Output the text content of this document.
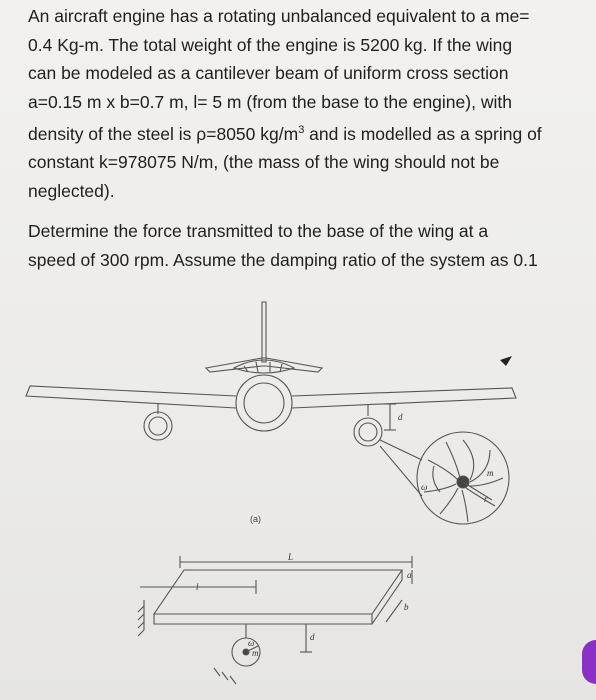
An aircraft engine has a rotating unbalanced equivalent to a me=
0.4 Kg-m. The total weight of the engine is 5200 kg. If the wing
can be modeled as a cantilever beam of uniform cross section
a=0.15 m x b=0.7 m, l= 5 m (from the base to the engine), with
density of the steel is ρ=8050 $kg/m^3$ and is modelled as a spring of
constant k=978075 N/m, (the mass of the wing should not be
neglected).
Determine the force transmitted to the base of the wing at a
speed of 300 rpm. Assume the damping ratio of the system as 0.1
(a)
d
m
ω
r
L
l
a
b
d
ω
m
